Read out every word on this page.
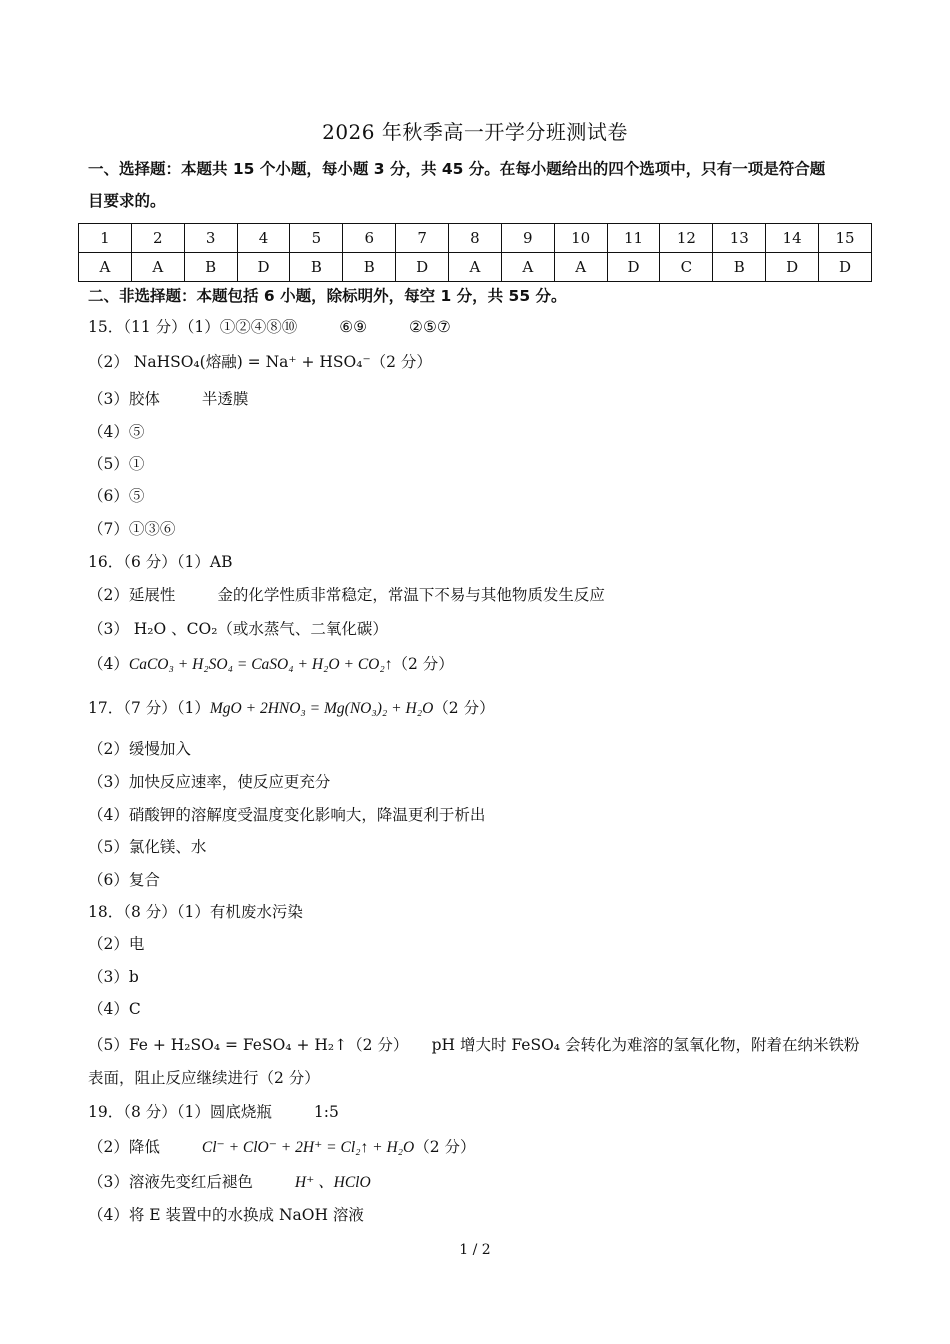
2026 年秋季高一开学分班测试卷
一、选择题：本题共 15 个小题，每小题 3 分，共 45 分。在每小题给出的四个选项中，只有一项是符合题
目要求的。
1	2	3	4	5	6	7	8	9	10	11	12	13	14	15
A	A	B	D	B	B	D	A	A	A	D	C	B	D	D
二、非选择题：本题包括 6 小题，除标明外，每空 1 分，共 55 分。
15．（11 分）（1）①②④⑧⑩	⑥⑨	②⑤⑦
（2） NaHSO₄(熔融) = Na⁺ + HSO₄⁻（2 分）
（3）胶体	半透膜
（4）⑤
（5）①
（6）⑤
（7）①③⑥
16．（6 分）（1）AB
（2）延展性	金的化学性质非常稳定，常温下不易与其他物质发生反应
（3） H₂O 、CO₂（或水蒸气、二氧化碳）
（4）CaCO₃ + H₂SO₄ = CaSO₄ + H₂O + CO₂↑（2 分）
17．（7 分）（1）MgO + 2HNO₃ = Mg(NO₃)₂ + H₂O（2 分）
（2）缓慢加入
（3）加快反应速率，使反应更充分
（4）硝酸钾的溶解度受温度变化影响大，降温更利于析出
（5）氯化镁、水
（6）复合
18．（8 分）（1）有机废水污染
（2）电
（3）b
（4）C
（5）Fe + H₂SO₄ = FeSO₄ + H₂↑（2 分）　　pH 增大时 FeSO₄ 会转化为难溶的氢氧化物，附着在纳米铁粉表面，阻止反应继续进行（2 分）
19．（8 分）（1）圆底烧瓶	1:5
（2）降低	Cl⁻ + ClO⁻ + 2H⁺ = Cl₂↑ + H₂O（2 分）
（3）溶液先变红后褪色	H⁺ 、HClO
（4）将 E 装置中的水换成 NaOH 溶液
1 / 2
